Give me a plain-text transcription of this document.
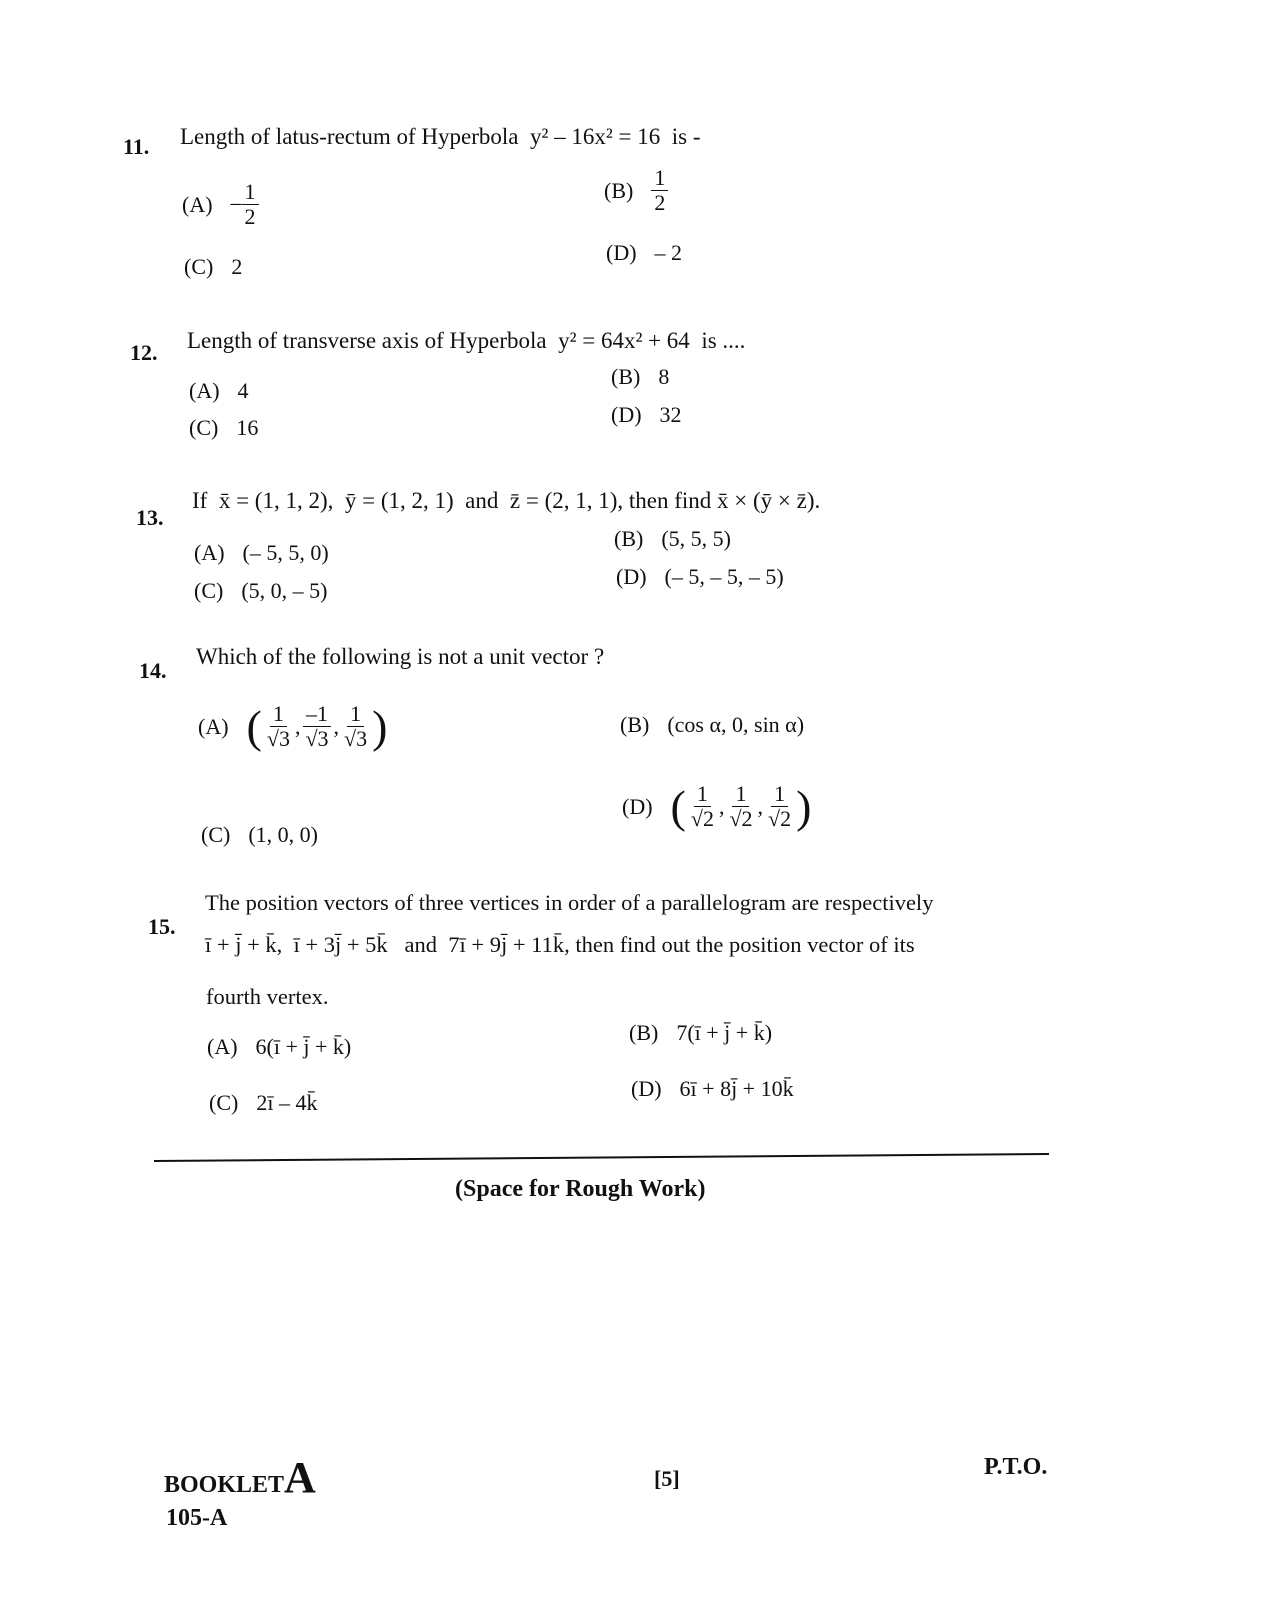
11. Length of latus-rectum of Hyperbola y² – 16x² = 16 is -
$(A) - \frac{1}{2}$	$(B) \frac{1}{2}$
(C) 2
(D) – 2
12. Length of transverse axis of Hyperbola y² = 64x² + 64 is ....
(A) 4
(B) 8
(C) 16
(D) 32
13.
If x̄ = (1, 1, 2), ȳ = (1, 2, 1) and z̄ = (2, 1, 1), then find x̄ × (ȳ × z̄).
(A) (– 5, 5, 0)
(B) (5, 5, 5)
(C) (5, 0, – 5)
(D) (– 5, – 5, – 5)
14.
Which of the following is not a unit vector ?
(A) ( $\frac{1}{√3}$ , $\frac{-1}{√3}$ , $\frac{1}{√3}$ )	(B) (cos α, 0, sin α)
(C) (1, 0, 0)
(D) ( $\frac{1}{√2}$ , $\frac{1}{√2}$ , $\frac{1}{√2}$ )
15.
The position vectors of three vertices in order of a parallelogram are respectively
ī + j̄ + k̄, ī + 3j̄ + 5k̄ and 7ī + 9j̄ + 11k̄, then find out the position vector of its
fourth vertex.
(A) 6(ī + j̄ + k̄)
(B) 7(ī + j̄ + k̄)
(C) 2ī – 4k̄
(D) 6ī + 8j̄ + 10k̄
(Space for Rough Work)
BOOKLET A
105-A
[5]	P.T.O.
